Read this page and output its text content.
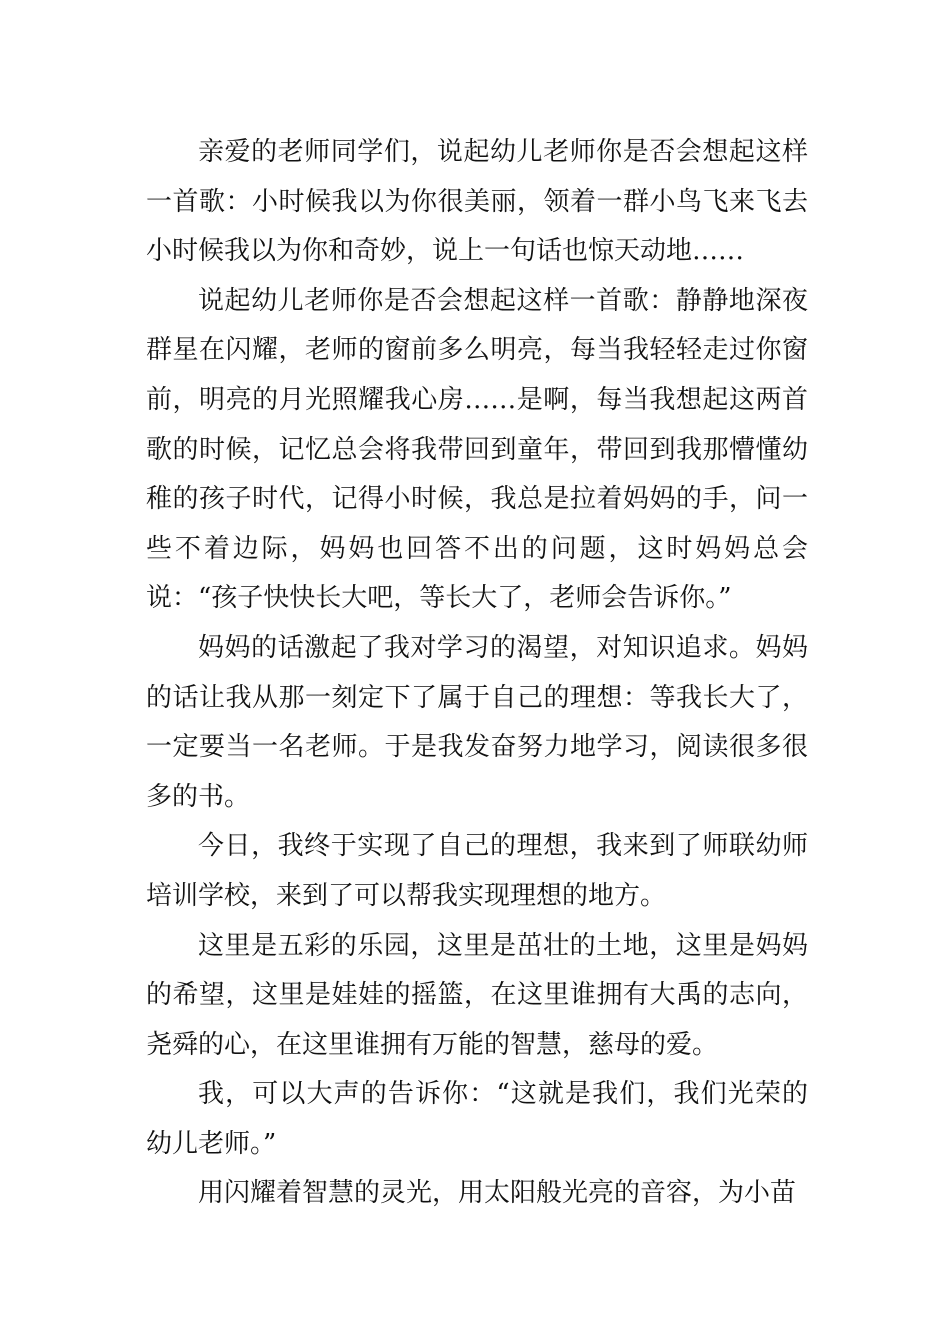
亲爱的老师同学们，说起幼儿老师你是否会想起这样一首歌：小时候我以为你很美丽，领着一群小鸟飞来飞去小时候我以为你和奇妙，说上一句话也惊天动地……

说起幼儿老师你是否会想起这样一首歌：静静地深夜群星在闪耀，老师的窗前多么明亮，每当我轻轻走过你窗前，明亮的月光照耀我心房……是啊，每当我想起这两首歌的时候，记忆总会将我带回到童年，带回到我那懵懂幼稚的孩子时代，记得小时候，我总是拉着妈妈的手，问一些不着边际，妈妈也回答不出的问题，这时妈妈总会说：“孩子快快长大吧，等长大了，老师会告诉你。”

妈妈的话激起了我对学习的渴望，对知识追求。妈妈的话让我从那一刻定下了属于自己的理想：等我长大了，一定要当一名老师。于是我发奋努力地学习，阅读很多很多的书。

今日，我终于实现了自己的理想，我来到了师联幼师培训学校，来到了可以帮我实现理想的地方。

这里是五彩的乐园，这里是茁壮的土地，这里是妈妈的希望，这里是娃娃的摇篮，在这里谁拥有大禹的志向，尧舜的心，在这里谁拥有万能的智慧，慈母的爱。

我，可以大声的告诉你：“这就是我们，我们光荣的幼儿老师。”

用闪耀着智慧的灵光，用太阳般光亮的音容，为小苗
